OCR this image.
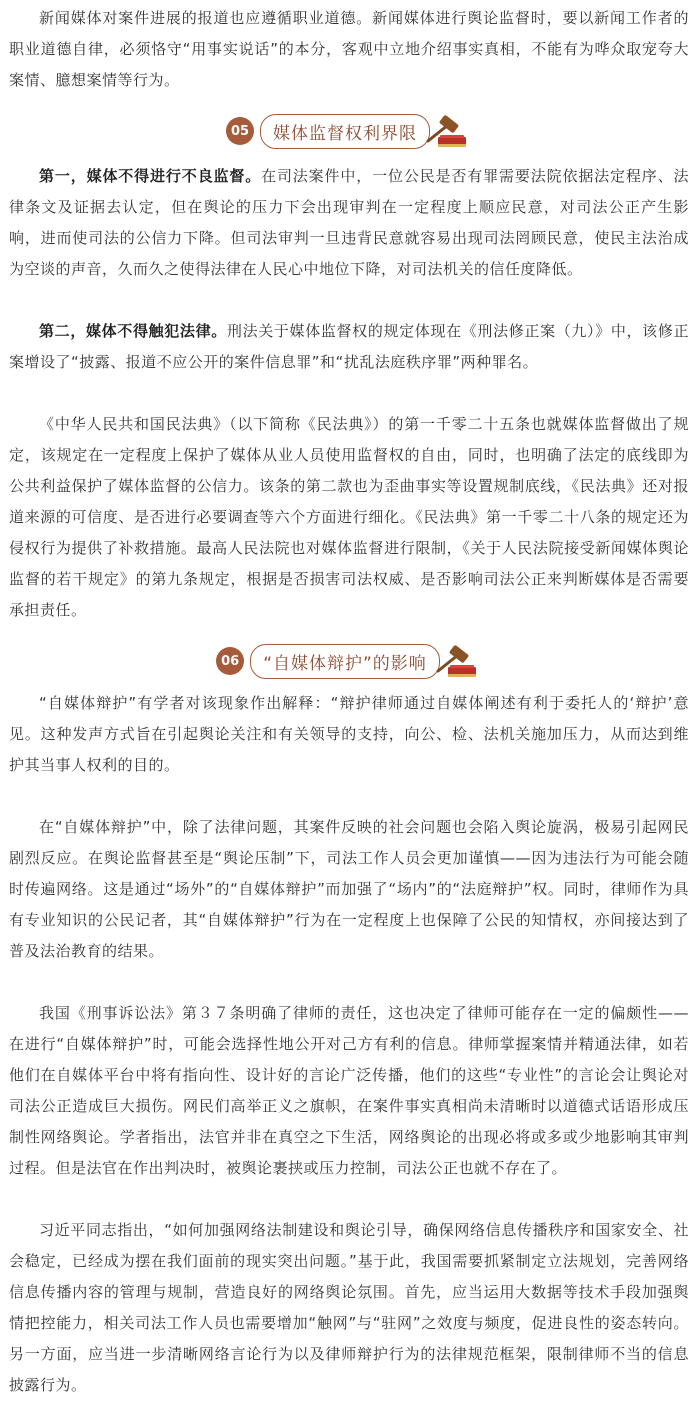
新闻媒体对案件进展的报道也应遵循职业道德。新闻媒体进行舆论监督时，要以新闻工作者的职业道德自律，必须恪守“用事实说话”的本分，客观中立地介绍事实真相，不能有为哗众取宠夸大案情、臆想案情等行为。

05	媒体监督权利界限

第一，媒体不得进行不良监督。在司法案件中，一位公民是否有罪需要法院依据法定程序、法律条文及证据去认定，但在舆论的压力下会出现审判在一定程度上顺应民意，对司法公正产生影响，进而使司法的公信力下降。但司法审判一旦违背民意就容易出现司法罔顾民意，使民主法治成为空谈的声音，久而久之使得法律在人民心中地位下降，对司法机关的信任度降低。

第二，媒体不得触犯法律。刑法关于媒体监督权的规定体现在《刑法修正案（九）》中，该修正案增设了“披露、报道不应公开的案件信息罪”和“扰乱法庭秩序罪”两种罪名。

《中华人民共和国民法典》（以下简称《民法典》）的第一千零二十五条也就媒体监督做出了规定，该规定在一定程度上保护了媒体从业人员使用监督权的自由，同时，也明确了法定的底线即为公共利益保护了媒体监督的公信力。该条的第二款也为歪曲事实等设置规制底线，《民法典》还对报道来源的可信度、是否进行必要调查等六个方面进行细化。《民法典》第一千零二十八条的规定还为侵权行为提供了补救措施。最高人民法院也对媒体监督进行限制，《关于人民法院接受新闻媒体舆论监督的若干规定》的第九条规定，根据是否损害司法权威、是否影响司法公正来判断媒体是否需要承担责任。

06	“自媒体辩护”的影响

“自媒体辩护”有学者对该现象作出解释：“辩护律师通过自媒体阐述有利于委托人的‘辩护’意见。这种发声方式旨在引起舆论关注和有关领导的支持，向公、检、法机关施加压力，从而达到维护其当事人权利的目的。

在“自媒体辩护”中，除了法律问题，其案件反映的社会问题也会陷入舆论旋涡，极易引起网民剧烈反应。在舆论监督甚至是“舆论压制”下，司法工作人员会更加谨慎——因为违法行为可能会随时传遍网络。这是通过“场外”的“自媒体辩护”而加强了“场内”的“法庭辩护”权。同时，律师作为具有专业知识的公民记者，其“自媒体辩护”行为在一定程度上也保障了公民的知情权，亦间接达到了普及法治教育的结果。

我国《刑事诉讼法》第３７条明确了律师的责任，这也决定了律师可能存在一定的偏颇性——在进行“自媒体辩护”时，可能会选择性地公开对己方有利的信息。律师掌握案情并精通法律，如若他们在自媒体平台中将有指向性、设计好的言论广泛传播，他们的这些“专业性”的言论会让舆论对司法公正造成巨大损伤。网民们高举正义之旗帜，在案件事实真相尚未清晰时以道德式话语形成压制性网络舆论。学者指出，法官并非在真空之下生活，网络舆论的出现必将或多或少地影响其审判过程。但是法官在作出判决时，被舆论裹挟或压力控制，司法公正也就不存在了。

习近平同志指出，“如何加强网络法制建设和舆论引导，确保网络信息传播秩序和国家安全、社会稳定，已经成为摆在我们面前的现实突出问题。”基于此，我国需要抓紧制定立法规划，完善网络信息传播内容的管理与规制，营造良好的网络舆论氛围。首先，应当运用大数据等技术手段加强舆情把控能力，相关司法工作人员也需要增加“触网”与“驻网”之效度与频度，促进良性的姿态转向。另一方面，应当进一步清晰网络言论行为以及律师辩护行为的法律规范框架，限制律师不当的信息披露行为。
